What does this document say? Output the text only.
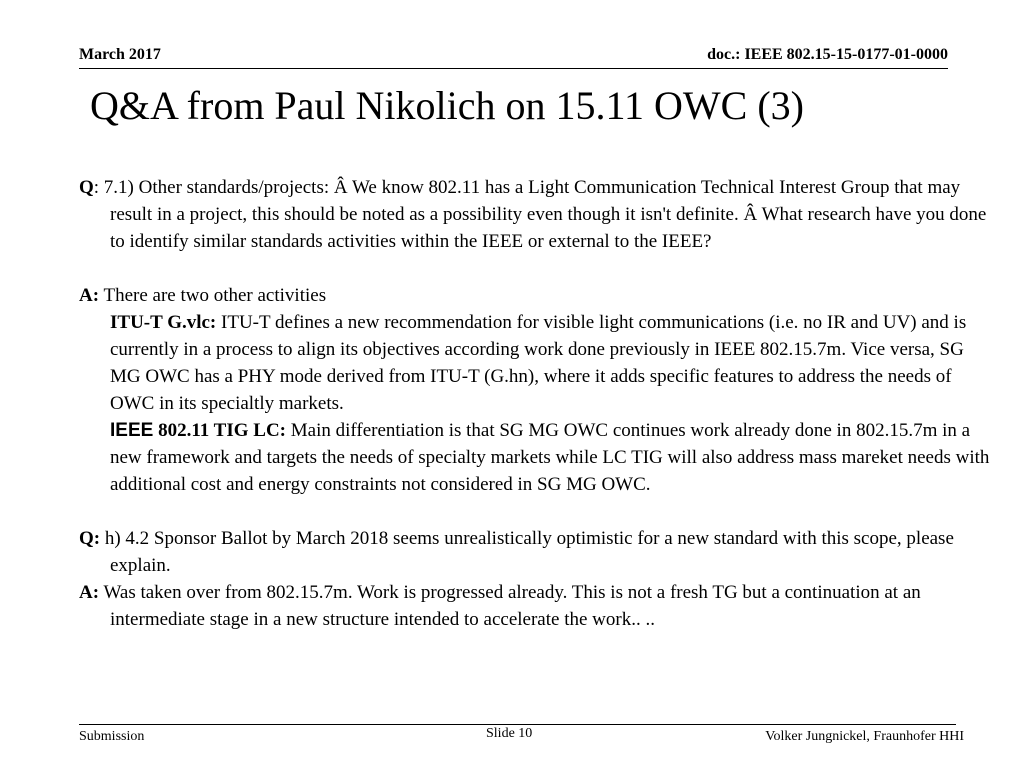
March 2017	doc.: IEEE 802.15-15-0177-01-0000
Q&A from Paul Nikolich on 15.11 OWC (3)

Q: 7.1) Other standards/projects: Â We know 802.11 has a Light Communication Technical Interest Group that may result in a project, this should be noted as a possibility even though it isn't definite. Â What research have you done to identify similar standards activities within the IEEE or external to the IEEE?

A: There are two other activities

ITU-T G.vlc: ITU-T defines a new recommendation for visible light communications (i.e. no IR and UV) and is currently in a process to align its objectives according work done previously in IEEE 802.15.7m. Vice versa, SG MG OWC has a PHY mode derived from ITU-T (G.hn), where it adds specific features to address the needs of OWC in its specialtly markets.

IEEE 802.11 TIG LC: Main differentiation is that SG MG OWC continues work already done in 802.15.7m in a new framework and targets the needs of specialty markets while LC TIG will also address mass mareket needs with additional cost and energy constraints not considered in SG MG OWC.

Q: h) 4.2 Sponsor Ballot by March 2018 seems unrealistically optimistic for a new standard with this scope, please explain.

A: Was taken over from 802.15.7m. Work is progressed already. This is not a fresh TG but a continuation at an intermediate stage in a new structure intended to accelerate the work.. ..

Submission	Slide 10	Volker Jungnickel, Fraunhofer HHI
